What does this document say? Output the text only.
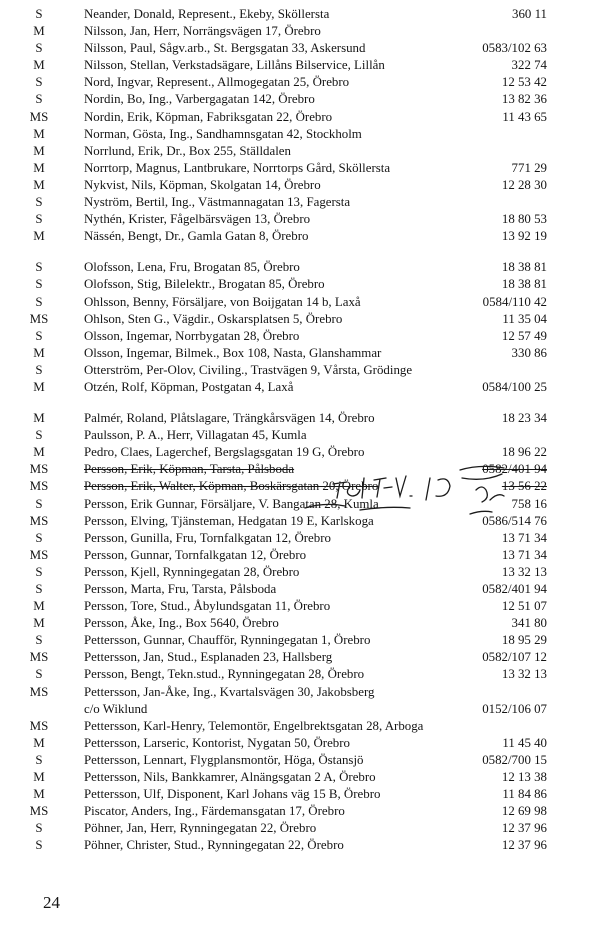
S	Neander, Donald, Represent., Ekeby, Sköllersta	360 11
M	Nilsson, Jan, Herr, Norrängsvägen 17, Örebro
S	Nilsson, Paul, Sågv.arb., St. Bergsgatan 33, Askersund	0583/102 63
M	Nilsson, Stellan, Verkstadsägare, Lillåns Bilservice, Lillån	322 74
S	Nord, Ingvar, Represent., Allmogegatan 25, Örebro	12 53 42
S	Nordin, Bo, Ing., Varbergagatan 142, Örebro	13 82 36
MS	Nordin, Erik, Köpman, Fabriksgatan 22, Örebro	11 43 65
M	Norman, Gösta, Ing., Sandhamnsgatan 42, Stockholm
M	Norrlund, Erik, Dr., Box 255, Ställdalen
M	Norrtorp, Magnus, Lantbrukare, Norrtorps Gård, Sköllersta	771 29
M	Nykvist, Nils, Köpman, Skolgatan 14, Örebro	12 28 30
S	Nyström, Bertil, Ing., Västmannagatan 13, Fagersta
S	Nythén, Krister, Fågelbärsvägen 13, Örebro	18 80 53
M	Nässén, Bengt, Dr., Gamla Gatan 8, Örebro	13 92 19
S	Olofsson, Lena, Fru, Brogatan 85, Örebro	18 38 81
S	Olofsson, Stig, Bilelektr., Brogatan 85, Örebro	18 38 81
S	Ohlsson, Benny, Försäljare, von Boijgatan 14 b, Laxå	0584/110 42
MS	Ohlson, Sten G., Vägdir., Oskarsplatsen 5, Örebro	11 35 04
S	Olsson, Ingemar, Norrbygatan 28, Örebro	12 57 49
M	Olsson, Ingemar, Bilmek., Box 108, Nasta, Glanshammar	330 86
S	Otterström, Per-Olov, Civiling., Trastvägen 9, Vårsta, Grödinge
M	Otzén, Rolf, Köpman, Postgatan 4, Laxå	0584/100 25
M	Palmér, Roland, Plåtslagare, Trängkårsvägen 14, Örebro	18 23 34
S	Paulsson, P. A., Herr, Villagatan 45, Kumla
M	Pedro, Claes, Lagerchef, Bergslagsgatan 19 G, Örebro	18 96 22
MS	Persson, Erik, Köpman, Tarsta, Pålsboda	0582/401 94
MS	Persson, Erik, Walter, Köpman, Boskärsgatan 20, Örebro	13 56 22
S	Persson, Erik Gunnar, Försäljare, V. Bangatan 28, Kumla	758 16
MS	Persson, Elving, Tjänsteman, Hedgatan 19 E, Karlskoga	0586/514 76
S	Persson, Gunilla, Fru, Tornfalkgatan 12, Örebro	13 71 34
MS	Persson, Gunnar, Tornfalkgatan 12, Örebro	13 71 34
S	Persson, Kjell, Rynningegatan 28, Örebro	13 32 13
S	Persson, Marta, Fru, Tarsta, Pålsboda	0582/401 94
M	Persson, Tore, Stud., Åbylundsgatan 11, Örebro	12 51 07
M	Persson, Åke, Ing., Box 5640, Örebro	341 80
S	Pettersson, Gunnar, Chaufför, Rynningegatan 1, Örebro	18 95 29
MS	Pettersson, Jan, Stud., Esplanaden 23, Hallsberg	0582/107 12
S	Persson, Bengt, Tekn.stud., Rynningegatan 28, Örebro	13 32 13
MS	Pettersson, Jan-Åke, Ing., Kvartalsvägen 30, Jakobsberg
c/o Wiklund	0152/106 07
MS	Pettersson, Karl-Henry, Telemontör, Engelbrektsgatan 28, Arboga
M	Pettersson, Larseric, Kontorist, Nygatan 50, Örebro	11 45 40
S	Pettersson, Lennart, Flygplansmontör, Höga, Östansjö	0582/700 15
M	Pettersson, Nils, Bankkamrer, Alnängsgatan 2 A, Örebro	12 13 38
M	Pettersson, Ulf, Disponent, Karl Johans väg 15 B, Örebro	11 84 86
MS	Piscator, Anders, Ing., Färdemansgatan 17, Örebro	12 69 98
S	Pöhner, Jan, Herr, Rynningegatan 22, Örebro	12 37 96
S	Pöhner, Christer, Stud., Rynningegatan 22, Örebro	12 37 96
24
